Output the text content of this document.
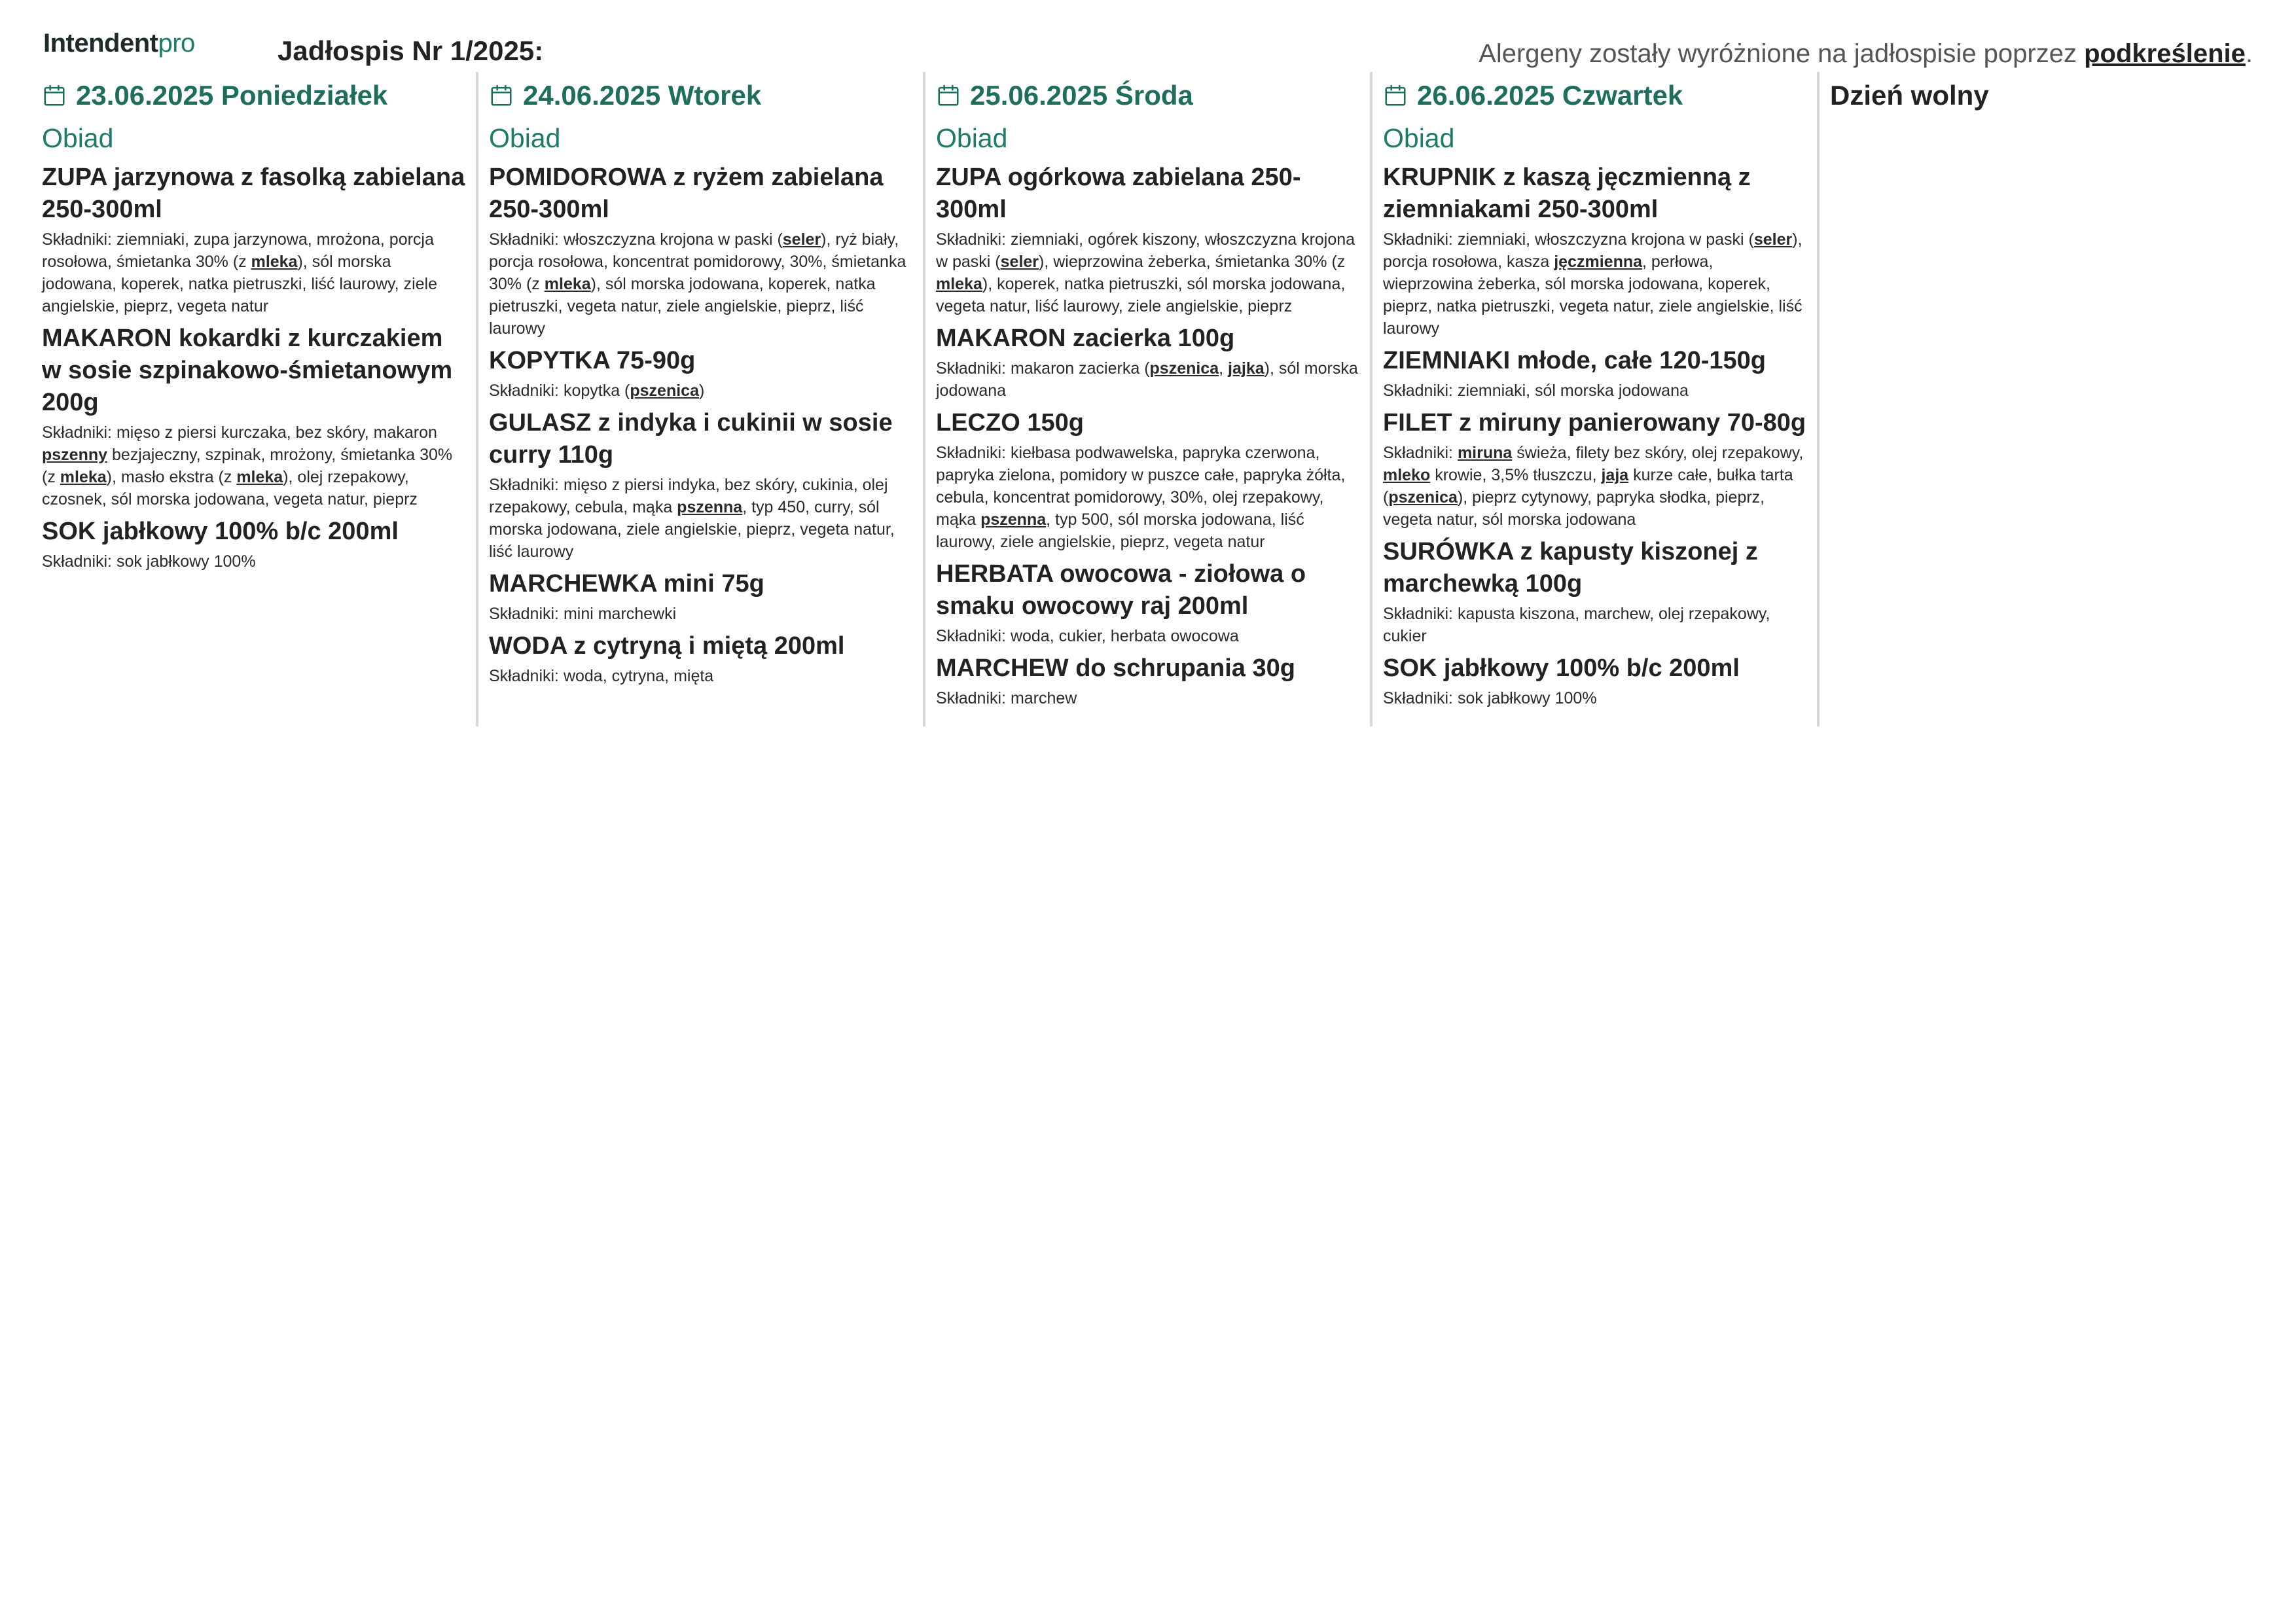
Intendentpro	Jadłospis Nr 1/2025:	Alergeny zostały wyróżnione na jadłospisie poprzez podkreślenie.
23.06.2025 Poniedziałek
Obiad
ZUPA jarzynowa z fasolką zabielana 250-300ml
Składniki: ziemniaki, zupa jarzynowa, mrożona, porcja rosołowa, śmietanka 30% (z mleka), sól morska jodowana, koperek, natka pietruszki, liść laurowy, ziele angielskie, pieprz, vegeta natur
MAKARON kokardki z kurczakiem w sosie szpinakowo-śmietanowym 200g
Składniki: mięso z piersi kurczaka, bez skóry, makaron pszenny bezjajeczny, szpinak, mrożony, śmietanka 30% (z mleka), masło ekstra (z mleka), olej rzepakowy, czosnek, sól morska jodowana, vegeta natur, pieprz
SOK jabłkowy 100% b/c 200ml
Składniki: sok jabłkowy 100%
24.06.2025 Wtorek
Obiad
POMIDOROWA z ryżem zabielana 250-300ml
Składniki: włoszczyzna krojona w paski (seler), ryż biały, porcja rosołowa, koncentrat pomidorowy, 30%, śmietanka 30% (z mleka), sól morska jodowana, koperek, natka pietruszki, vegeta natur, ziele angielskie, pieprz, liść laurowy
KOPYTKA 75-90g
Składniki: kopytka (pszenica)
GULASZ z indyka i cukinii w sosie curry 110g
Składniki: mięso z piersi indyka, bez skóry, cukinia, olej rzepakowy, cebula, mąka pszenna, typ 450, curry, sól morska jodowana, ziele angielskie, pieprz, vegeta natur, liść laurowy
MARCHEWKA mini 75g
Składniki: mini marchewki
WODA z cytryną i miętą 200ml
Składniki: woda, cytryna, mięta
25.06.2025 Środa
Obiad
ZUPA ogórkowa zabielana 250-300ml
Składniki: ziemniaki, ogórek kiszony, włoszczyzna krojona w paski (seler), wieprzowina żeberka, śmietanka 30% (z mleka), koperek, natka pietruszki, sól morska jodowana, vegeta natur, liść laurowy, ziele angielskie, pieprz
MAKARON zacierka 100g
Składniki: makaron zacierka (pszenica, jajka), sól morska jodowana
LECZO 150g
Składniki: kiełbasa podwawelska, papryka czerwona, papryka zielona, pomidory w puszce całe, papryka żółta, cebula, koncentrat pomidorowy, 30%, olej rzepakowy, mąka pszenna, typ 500, sól morska jodowana, liść laurowy, ziele angielskie, pieprz, vegeta natur
HERBATA owocowa - ziołowa o smaku owocowy raj 200ml
Składniki: woda, cukier, herbata owocowa
MARCHEW do schrupania 30g
Składniki: marchew
26.06.2025 Czwartek
Obiad
KRUPNIK z kaszą jęczmienną z ziemniakami 250-300ml
Składniki: ziemniaki, włoszczyzna krojona w paski (seler), porcja rosołowa, kasza jęczmienna, perłowa, wieprzowina żeberka, sól morska jodowana, koperek, pieprz, natka pietruszki, vegeta natur, ziele angielskie, liść laurowy
ZIEMNIAKI młode, całe 120-150g
Składniki: ziemniaki, sól morska jodowana
FILET z miruny panierowany 70-80g
Składniki: miruna świeża, filety bez skóry, olej rzepakowy, mleko krowie, 3,5% tłuszczu, jaja kurze całe, bułka tarta (pszenica), pieprz cytynowy, papryka słodka, pieprz, vegeta natur, sól morska jodowana
SURÓWKA z kapusty kiszonej z marchewką 100g
Składniki: kapusta kiszona, marchew, olej rzepakowy, cukier
SOK jabłkowy 100% b/c 200ml
Składniki: sok jabłkowy 100%
Dzień wolny
